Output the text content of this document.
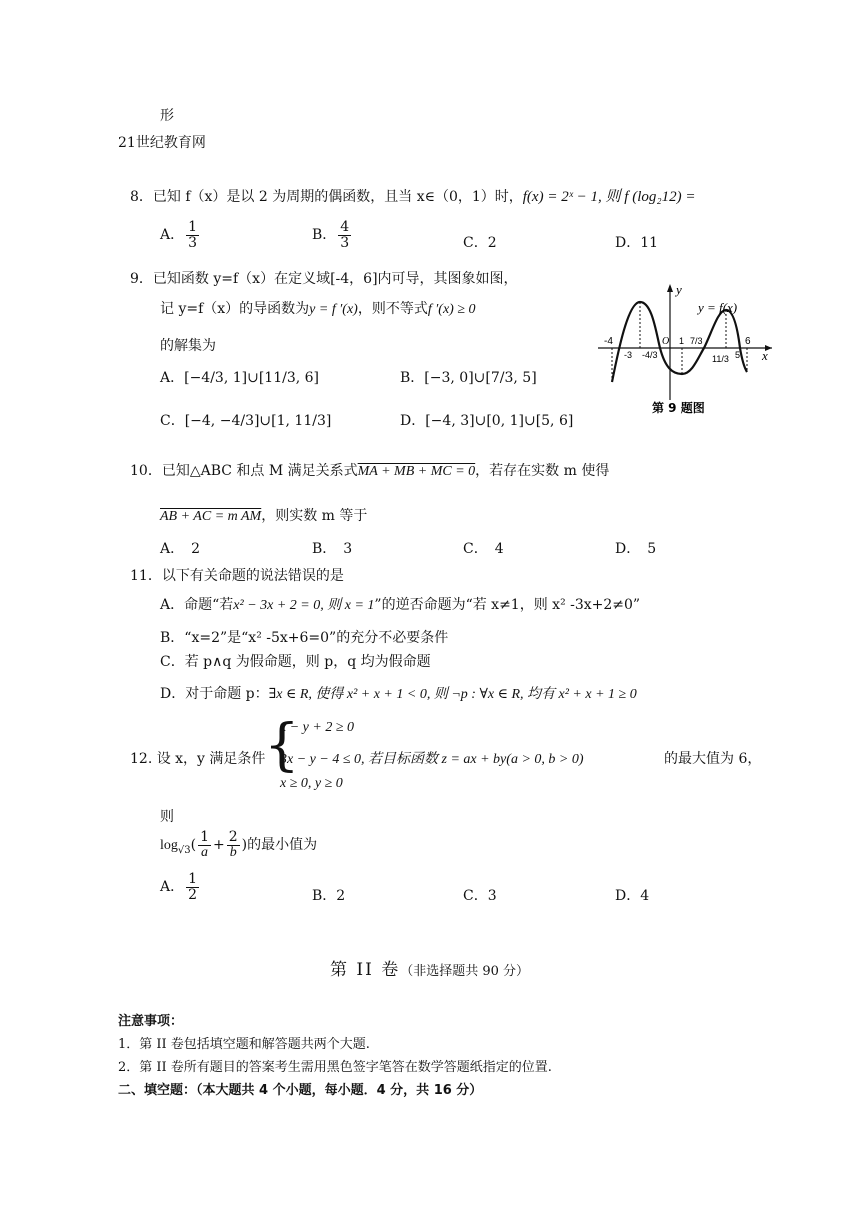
形
21世纪教育网
8．已知 f（x）是以 2 为周期的偶函数，且当 x∈（0，1）时，f(x) = 2ˣ − 1, 则 f (log₂12) =
A． $\frac{1}{3}$	B． $\frac{4}{3}$	C．2	D．11
9．已知函数 y=f（x）在定义域[-4，6]内可导，其图象如图，
记 y=f（x）的导函数为y = f ′(x)，则不等式f ′(x) ≥ 0
的解集为
A．[−4/3, 1]∪[11/3, 6]	B．[−3, 0]∪[7/3, 5]
C．[−4, −4/3]∪[1, 11/3]	D．[−4, 3]∪[0, 1]∪[5, 6]
y
x
y = f(x)
O
-4
-3 -4/3
1 7/3
11/3 5
6
第 9 题图
10．已知△ABC 和点 M 满足关系式MA + MB + MC = 0，若存在实数 m 使得
AB + AC = m AM，则实数 m 等于
A．　2	B．　3	C．　4	D．　5
11．以下有关命题的说法错误的是
A．命题“若x² − 3x + 2 = 0, 则 x = 1”的逆否命题为“若 x≠1，则 x² -3x+2≠0”
B．“x=2”是“x² -5x+6=0”的充分不必要条件
C．若 p∧q 为假命题，则 p，q 均为假命题
D．对于命题 p：∃x ∈ R, 使得 x² + x + 1 < 0, 则 ¬p : ∀x ∈ R, 均有 x² + x + 1 ≥ 0
12. 设 x，y 满足条件
{
x − y + 2 ≥ 0
3x − y − 4 ≤ 0, 若目标函数 z = ax + by(a > 0, b > 0)
x ≥ 0, y ≥ 0
的最大值为 6，
则
$\log_{√3}( \frac{1}{a} + \frac{2}{b}$ )的最小值为
A． $\frac{1}{2}$	B．2	C．3	D．4
第 II 卷（非选择题共 90 分）
注意事项：
1．第 II 卷包括填空题和解答题共两个大题.
2．第 II 卷所有题目的答案考生需用黑色签字笔答在数学答题纸指定的位置.
二、填空题：（本大题共 4 个小题，每小题．4 分，共 16 分）
